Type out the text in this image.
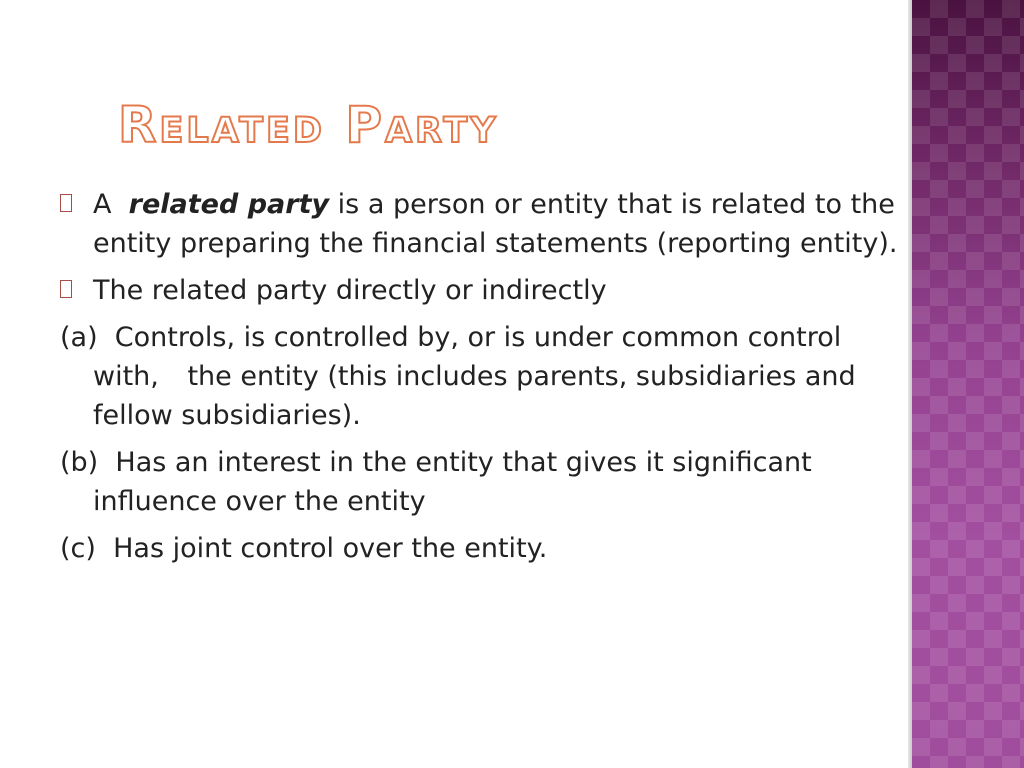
Related Party
A related party is a person or entity that is related to the entity preparing the financial statements (reporting entity).
The related party directly or indirectly
(a) Controls, is controlled by, or is under common control with, the entity (this includes parents, subsidiaries and fellow subsidiaries).
(b) Has an interest in the entity that gives it significant influence over the entity
(c) Has joint control over the entity.
